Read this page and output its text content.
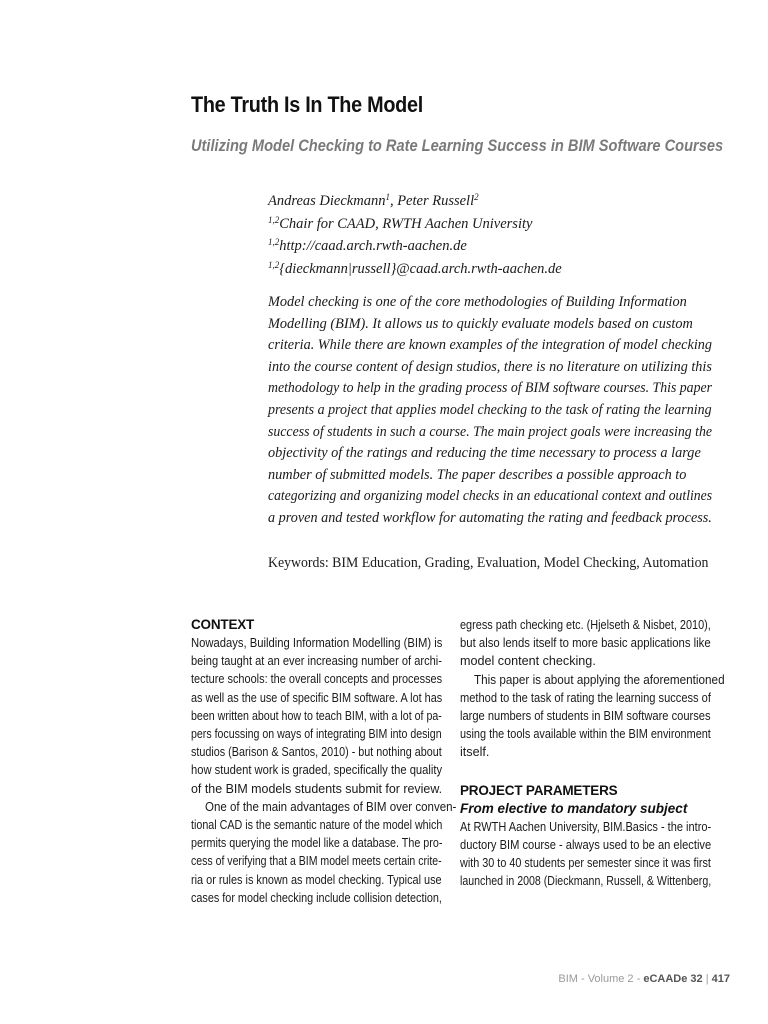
The Truth Is In The Model
Utilizing Model Checking to Rate Learning Success in BIM Software Courses
Andreas Dieckmann$^1$, Peter Russell$^2$
$^{1,2}$Chair for CAAD, RWTH Aachen University
$^{1,2}$http://caad.arch.rwth-aachen.de
$^{1,2}${dieckmann|russell}@caad.arch.rwth-aachen.de
Model checking is one of the core methodologies of Building Information
Modelling (BIM). It allows us to quickly evaluate models based on custom
criteria. While there are known examples of the integration of model checking
into the course content of design studios, there is no literature on utilizing this
methodology to help in the grading process of BIM software courses. This paper
presents a project that applies model checking to the task of rating the learning
success of students in such a course. The main project goals were increasing the
objectivity of the ratings and reducing the time necessary to process a large
number of submitted models. The paper describes a possible approach to
categorizing and organizing model checks in an educational context and outlines
a proven and tested workflow for automating the rating and feedback process.
Keywords: BIM Education, Grading, Evaluation, Model Checking, Automation
CONTEXT
Nowadays, Building Information Modelling (BIM) is
being taught at an ever increasing number of archi-
tecture schools: the overall concepts and processes
as well as the use of specific BIM software. A lot has
been written about how to teach BIM, with a lot of pa-
pers focussing on ways of integrating BIM into design
studios (Barison & Santos, 2010) - but nothing about
how student work is graded, specifically the quality
of the BIM models students submit for review.
One of the main advantages of BIM over conven-
tional CAD is the semantic nature of the model which
permits querying the model like a database. The pro-
cess of verifying that a BIM model meets certain crite-
ria or rules is known as model checking. Typical use
cases for model checking include collision detection,
egress path checking etc. (Hjelseth & Nisbet, 2010),
but also lends itself to more basic applications like
model content checking.
This paper is about applying the aforementioned
method to the task of rating the learning success of
large numbers of students in BIM software courses
using the tools available within the BIM environment
itself.
PROJECT PARAMETERS
From elective to mandatory subject
At RWTH Aachen University, BIM.Basics - the intro-
ductory BIM course - always used to be an elective
with 30 to 40 students per semester since it was first
launched in 2008 (Dieckmann, Russell, & Wittenberg,
BIM - Volume 2 - eCAADe 32 | 417
